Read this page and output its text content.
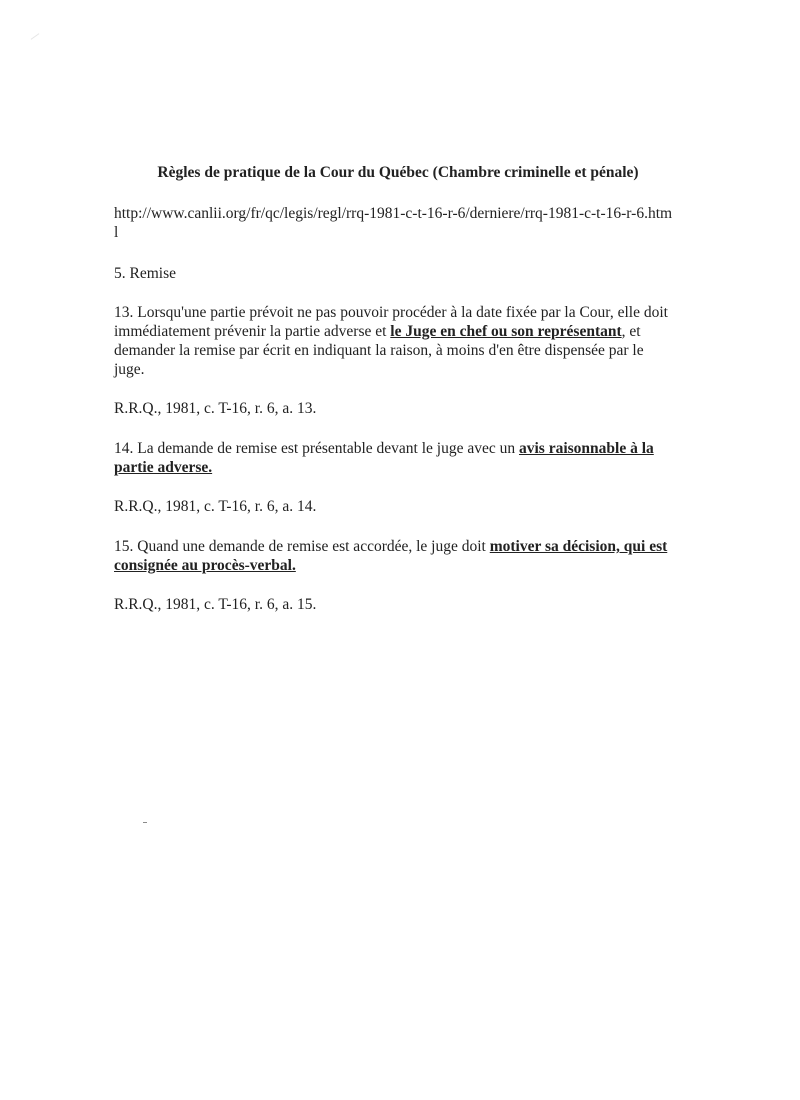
Règles de pratique de la Cour du Québec (Chambre criminelle et pénale)
http://www.canlii.org/fr/qc/legis/regl/rrq-1981-c-t-16-r-6/derniere/rrq-1981-c-t-16-r-6.html
5. Remise
13. Lorsqu'une partie prévoit ne pas pouvoir procéder à la date fixée par la Cour, elle doit immédiatement prévenir la partie adverse et le Juge en chef ou son représentant, et demander la remise par écrit en indiquant la raison, à moins d'en être dispensée par le juge.
R.R.Q., 1981, c. T-16, r. 6, a. 13.
14. La demande de remise est présentable devant le juge avec un avis raisonnable à la partie adverse.
R.R.Q., 1981, c. T-16, r. 6, a. 14.
15. Quand une demande de remise est accordée, le juge doit motiver sa décision, qui est consignée au procès-verbal.
R.R.Q., 1981, c. T-16, r. 6, a. 15.
